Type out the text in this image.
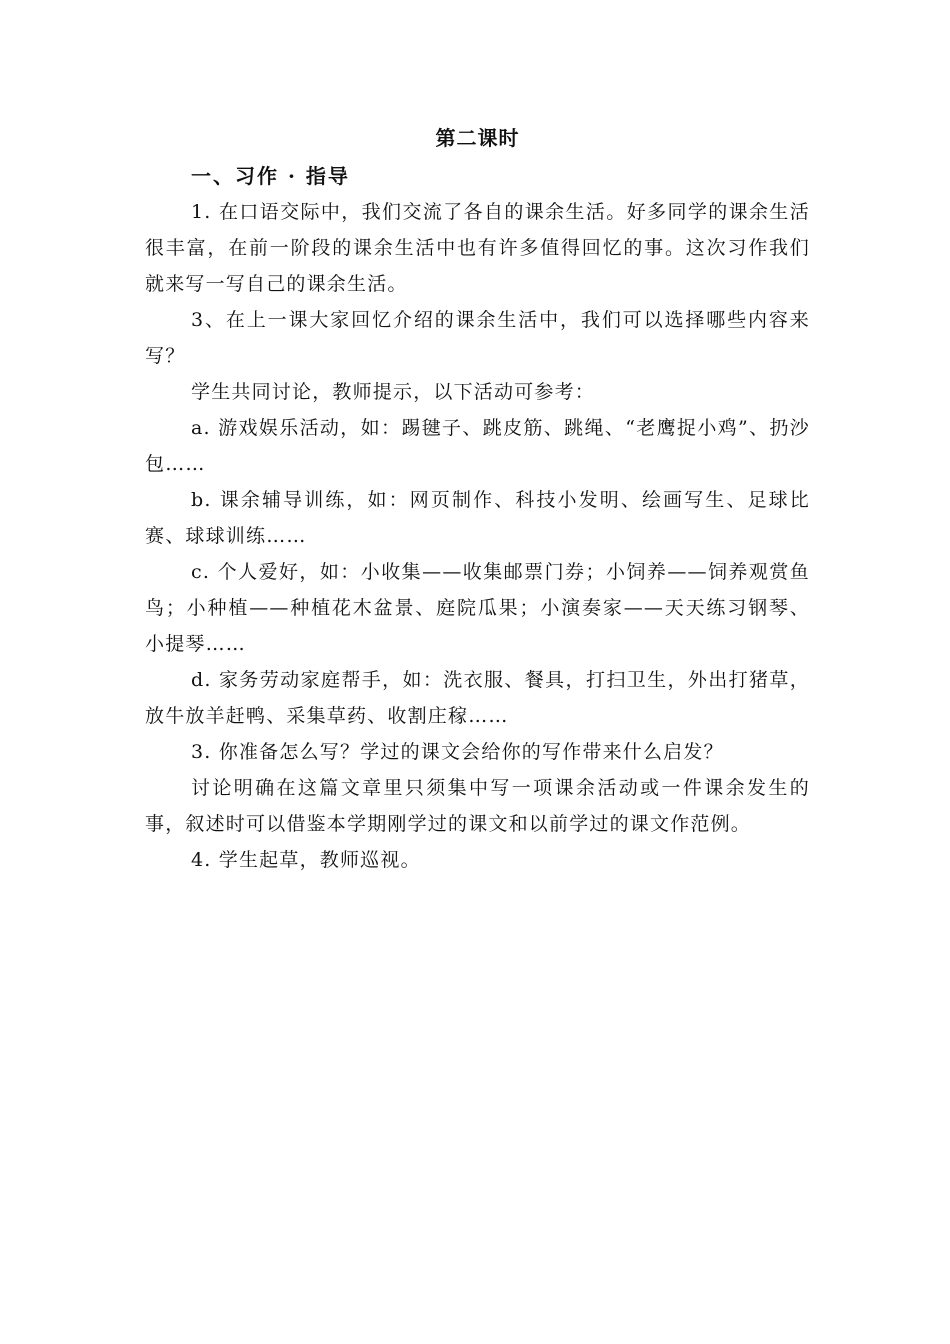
第二课时
一、习作 · 指导

1. 在口语交际中，我们交流了各自的课余生活。好多同学的课余生活很丰富，在前一阶段的课余生活中也有许多值得回忆的事。这次习作我们就来写一写自己的课余生活。

3、在上一课大家回忆介绍的课余生活中，我们可以选择哪些内容来写？

学生共同讨论，教师提示，以下活动可参考：

a. 游戏娱乐活动，如：踢毽子、跳皮筋、跳绳、“老鹰捉小鸡”、扔沙包……

b. 课余辅导训练，如：网页制作、科技小发明、绘画写生、足球比赛、球球训练……

c. 个人爱好，如：小收集——收集邮票门券；小饲养——饲养观赏鱼鸟；小种植——种植花木盆景、庭院瓜果；小演奏家——天天练习钢琴、小提琴……

d. 家务劳动家庭帮手，如：洗衣服、餐具，打扫卫生，外出打猪草，放牛放羊赶鸭、采集草药、收割庄稼……

3. 你准备怎么写？学过的课文会给你的写作带来什么启发？

讨论明确在这篇文章里只须集中写一项课余活动或一件课余发生的事，叙述时可以借鉴本学期刚学过的课文和以前学过的课文作范例。

4. 学生起草，教师巡视。
